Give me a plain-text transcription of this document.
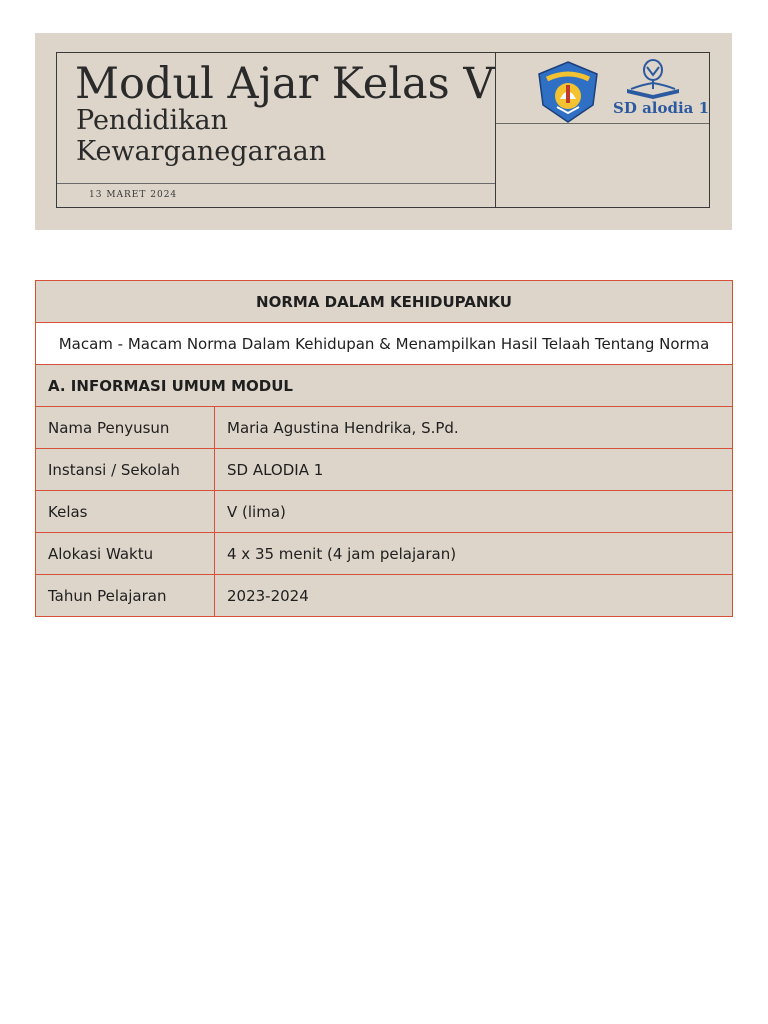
Modul Ajar Kelas V
Pendidikan Kewarganegaraan
13 MARET 2024
SD alodia 1
NORMA DALAM KEHIDUPANKU	
Macam - Macam Norma Dalam Kehidupan & Menampilkan Hasil Telaah Tentang Norma	
A. INFORMASI UMUM MODUL	
Nama Penyusun	Maria Agustina Hendrika, S.Pd.
Instansi / Sekolah	SD ALODIA 1
Kelas	V (lima)
Alokasi Waktu	4 x 35 menit (4 jam pelajaran)
Tahun Pelajaran	2023-2024
